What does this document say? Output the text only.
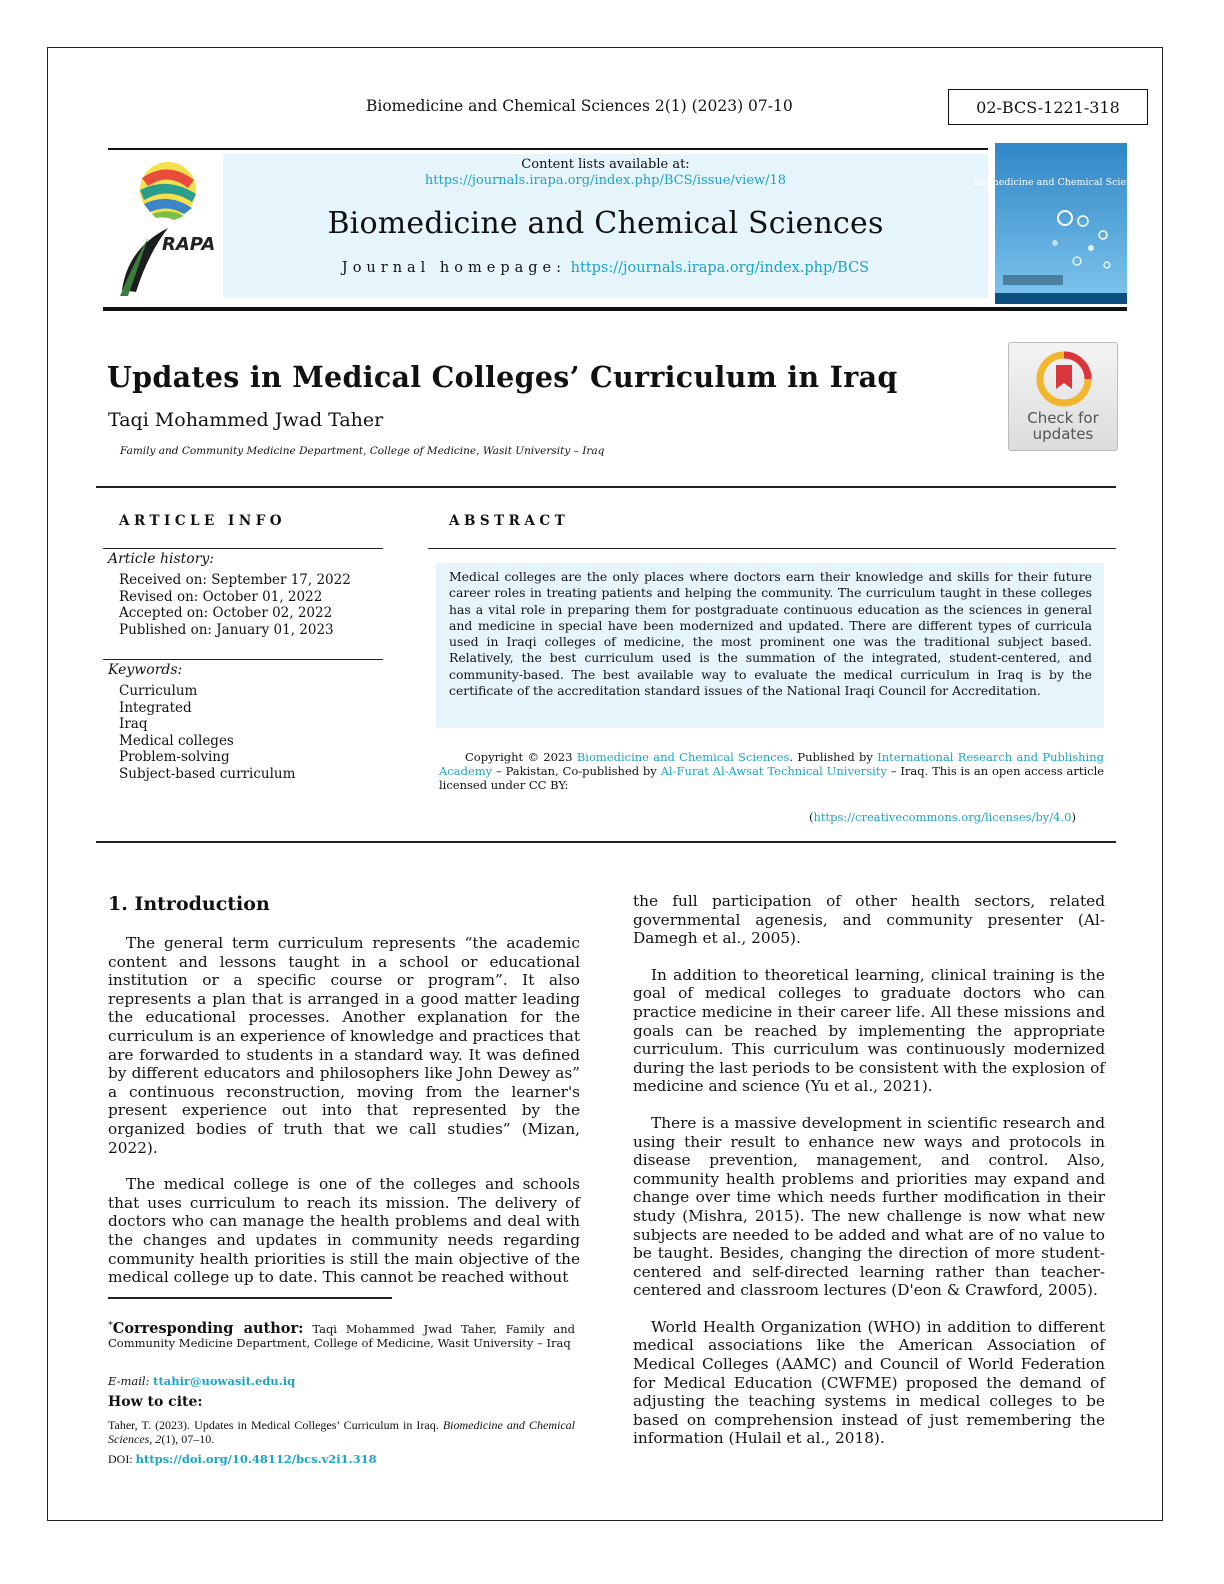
Biomedicine and Chemical Sciences 2(1) (2023) 07-10	02-BCS-1221-318
RAPA
Content lists available at:
https://journals.irapa.org/index.php/BCS/issue/view/18
Biomedicine and Chemical Sciences
Journal homepage: https://journals.irapa.org/index.php/BCS
Biomedicine and Chemical Sciences
Updates in Medical Colleges’ Curriculum in Iraq
Taqi Mohammed Jwad Taher
Family and Community Medicine Department, College of Medicine, Wasit University – Iraq
Check for
updates
ARTICLE INFO
Article history:
Received on: September 17, 2022
Revised on: October 01, 2022
Accepted on: October 02, 2022
Published on: January 01, 2023
Keywords:
Curriculum
Integrated
Iraq
Medical colleges
Problem-solving
Subject-based curriculum
ABSTRACT
Medical colleges are the only places where doctors earn their knowledge and skills for their future career roles in treating patients and helping the community. The curriculum taught in these colleges has a vital role in preparing them for postgraduate continuous education as the sciences in general and medicine in special have been modernized and updated. There are different types of curricula used in Iraqi colleges of medicine, the most prominent one was the traditional subject based. Relatively, the best curriculum used is the summation of the integrated, student-centered, and community-based. The best available way to evaluate the medical curriculum in Iraq is by the certificate of the accreditation standard issues of the National Iraqi Council for Accreditation.
Copyright © 2023 Biomedicine and Chemical Sciences. Published by International Research and Publishing Academy – Pakistan, Co-published by Al-Furat Al-Awsat Technical University – Iraq. This is an open access article licensed under CC BY:
(https://creativecommons.org/licenses/by/4.0)
1. Introduction

The general term curriculum represents “the academic content and lessons taught in a school or educational institution or a specific course or program”. It also represents a plan that is arranged in a good matter leading the educational processes. Another explanation for the curriculum is an experience of knowledge and practices that are forwarded to students in a standard way. It was defined by different educators and philosophers like John Dewey as” a continuous reconstruction, moving from the learner's present experience out into that represented by the organized bodies of truth that we call studies” (Mizan, 2022).

The medical college is one of the colleges and schools that uses curriculum to reach its mission. The delivery of doctors who can manage the health problems and deal with the changes and updates in community needs regarding community health priorities is still the main objective of the medical college up to date. This cannot be reached without

the full participation of other health sectors, related governmental agenesis, and community presenter (Al-Damegh et al., 2005).

In addition to theoretical learning, clinical training is the goal of medical colleges to graduate doctors who can practice medicine in their career life. All these missions and goals can be reached by implementing the appropriate curriculum. This curriculum was continuously modernized during the last periods to be consistent with the explosion of medicine and science (Yu et al., 2021).

There is a massive development in scientific research and using their result to enhance new ways and protocols in disease prevention, management, and control. Also, community health problems and priorities may expand and change over time which needs further modification in their study (Mishra, 2015). The new challenge is now what new subjects are needed to be added and what are of no value to be taught. Besides, changing the direction of more student-centered and self-directed learning rather than teacher-centered and classroom lectures (D'eon & Crawford, 2005).

World Health Organization (WHO) in addition to different medical associations like the American Association of Medical Colleges (AAMC) and Council of World Federation for Medical Education (CWFME) proposed the demand of adjusting the teaching systems in medical colleges to be based on comprehension instead of just remembering the information (Hulail et al., 2018).

*Corresponding author: Taqi Mohammed Jwad Taher, Family and Community Medicine Department, College of Medicine, Wasit University – Iraq
E-mail: ttahir@uowasit.edu.iq
How to cite:
Taher, T. (2023). Updates in Medical Colleges’ Curriculum in Iraq. Biomedicine and Chemical Sciences, 2(1), 07–10.
DOI: https://doi.org/10.48112/bcs.v2i1.318
